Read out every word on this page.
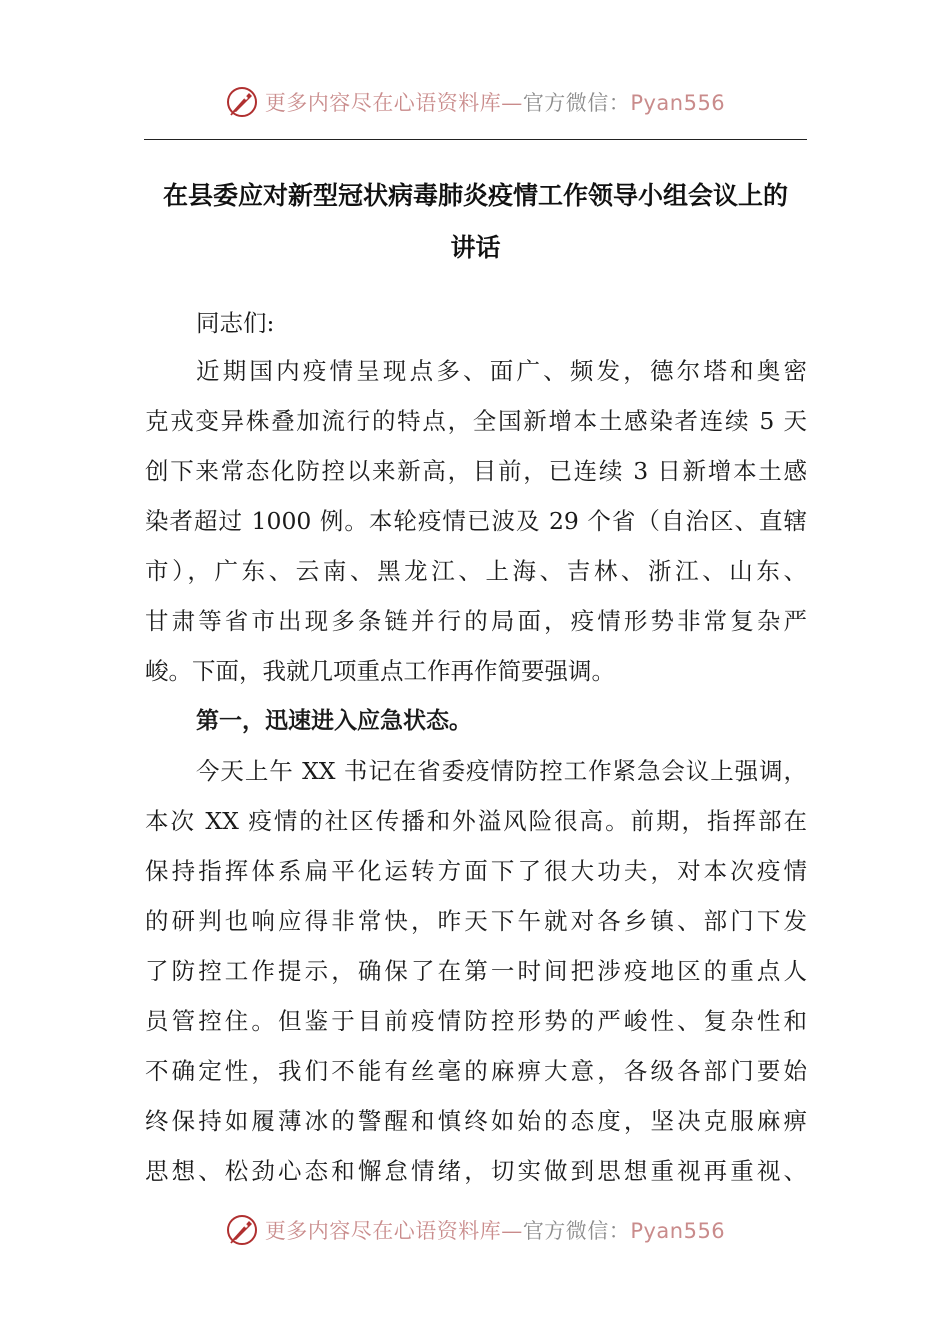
更多内容尽在心语资料库—官方微信：Pyan556
在县委应对新型冠状病毒肺炎疫情工作领导小组会议上的
讲话
同志们:
近期国内疫情呈现点多、面广、频发，德尔塔和奥密
克戎变异株叠加流行的特点，全国新增本土感染者连续 5 天
创下来常态化防控以来新高，目前，已连续 3 日新增本土感
染者超过 1000 例。本轮疫情已波及 29 个省（自治区、直辖
市），广东、云南、黑龙江、上海、吉林、浙江、山东、
甘肃等省市出现多条链并行的局面，疫情形势非常复杂严
峻。下面，我就几项重点工作再作简要强调。
第一，迅速进入应急状态。
今天上午 XX 书记在省委疫情防控工作紧急会议上强调，
本次 XX 疫情的社区传播和外溢风险很高。前期，指挥部在
保持指挥体系扁平化运转方面下了很大功夫，对本次疫情
的研判也响应得非常快，昨天下午就对各乡镇、部门下发
了防控工作提示，确保了在第一时间把涉疫地区的重点人
员管控住。但鉴于目前疫情防控形势的严峻性、复杂性和
不确定性，我们不能有丝毫的麻痹大意，各级各部门要始
终保持如履薄冰的警醒和慎终如始的态度，坚决克服麻痹
思想、松劲心态和懈怠情绪，切实做到思想重视再重视、
更多内容尽在心语资料库—官方微信：Pyan556
